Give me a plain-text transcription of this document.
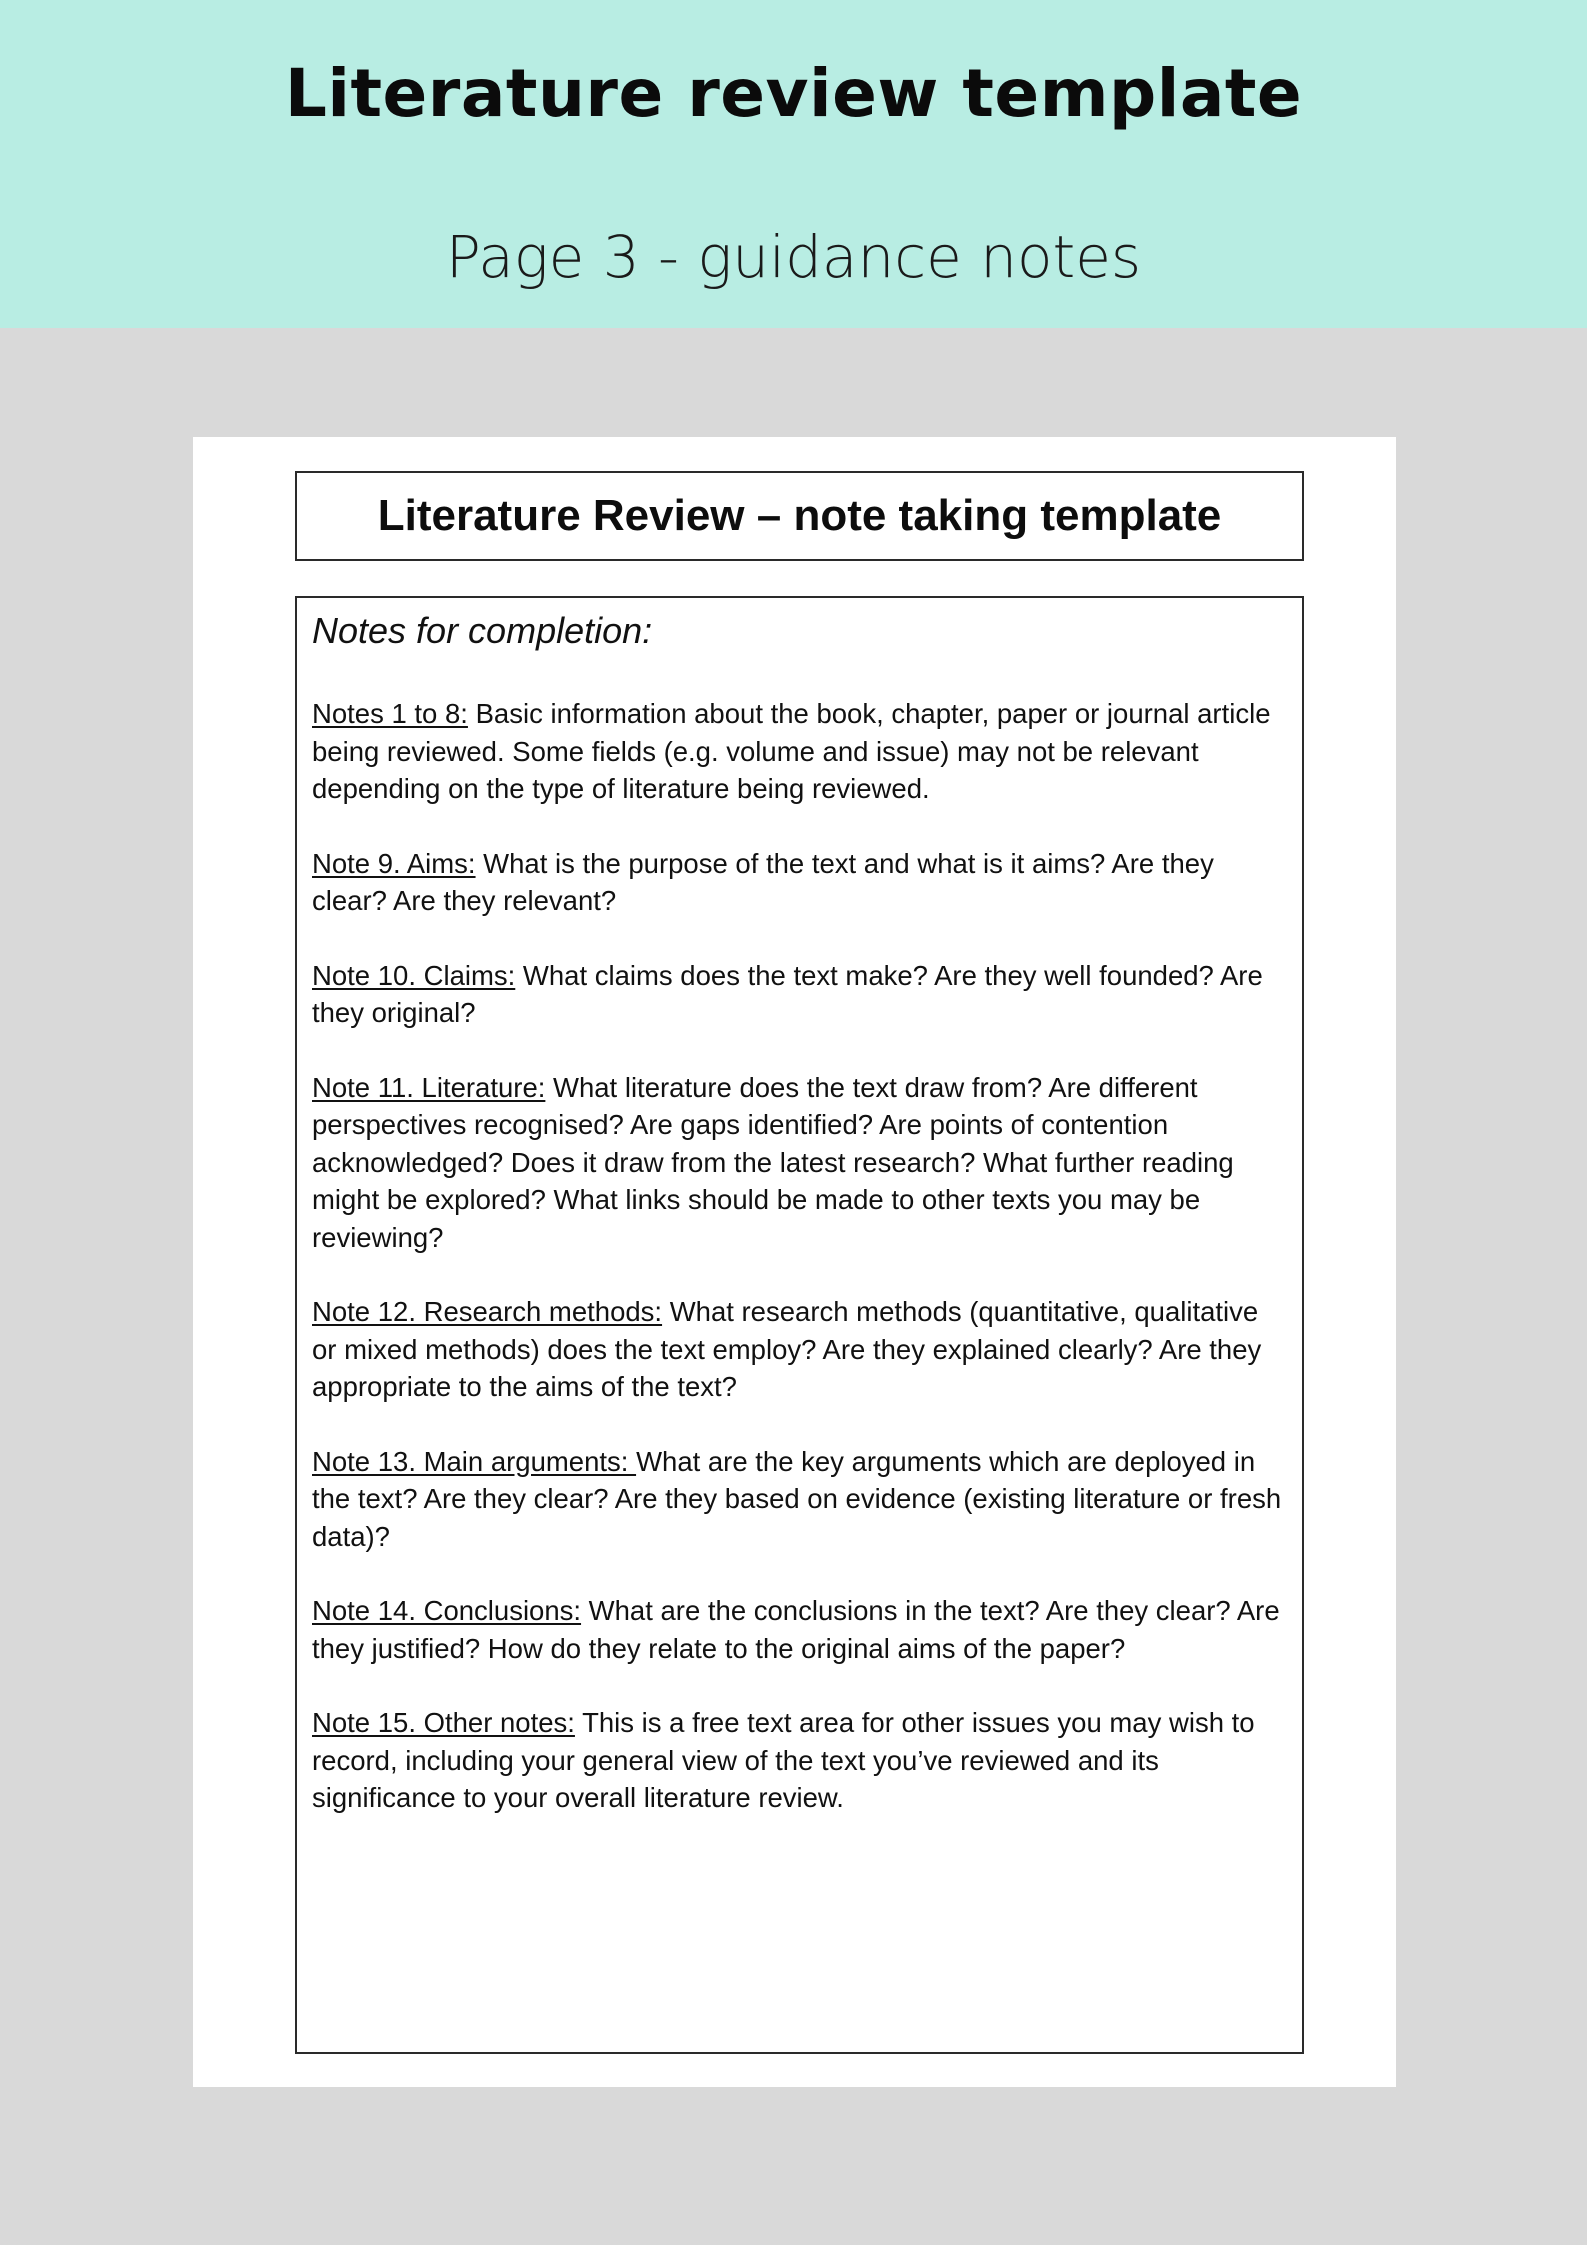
Literature review template
Page 3 - guidance notes
Literature Review – note taking template
Notes for completion:

Notes 1 to 8: Basic information about the book, chapter, paper or journal article being reviewed. Some fields (e.g. volume and issue) may not be relevant depending on the type of literature being reviewed.

Note 9. Aims: What is the purpose of the text and what is it aims? Are they clear? Are they relevant?

Note 10. Claims: What claims does the text make? Are they well founded? Are they original?

Note 11. Literature: What literature does the text draw from? Are different perspectives recognised? Are gaps identified? Are points of contention acknowledged? Does it draw from the latest research? What further reading might be explored? What links should be made to other texts you may be reviewing?

Note 12. Research methods: What research methods (quantitative, qualitative or mixed methods) does the text employ? Are they explained clearly? Are they appropriate to the aims of the text?

Note 13. Main arguments: What are the key arguments which are deployed in the text? Are they clear? Are they based on evidence (existing literature or fresh data)?

Note 14. Conclusions: What are the conclusions in the text? Are they clear? Are they justified? How do they relate to the original aims of the paper?

Note 15. Other notes: This is a free text area for other issues you may wish to record, including your general view of the text you’ve reviewed and its significance to your overall literature review.
